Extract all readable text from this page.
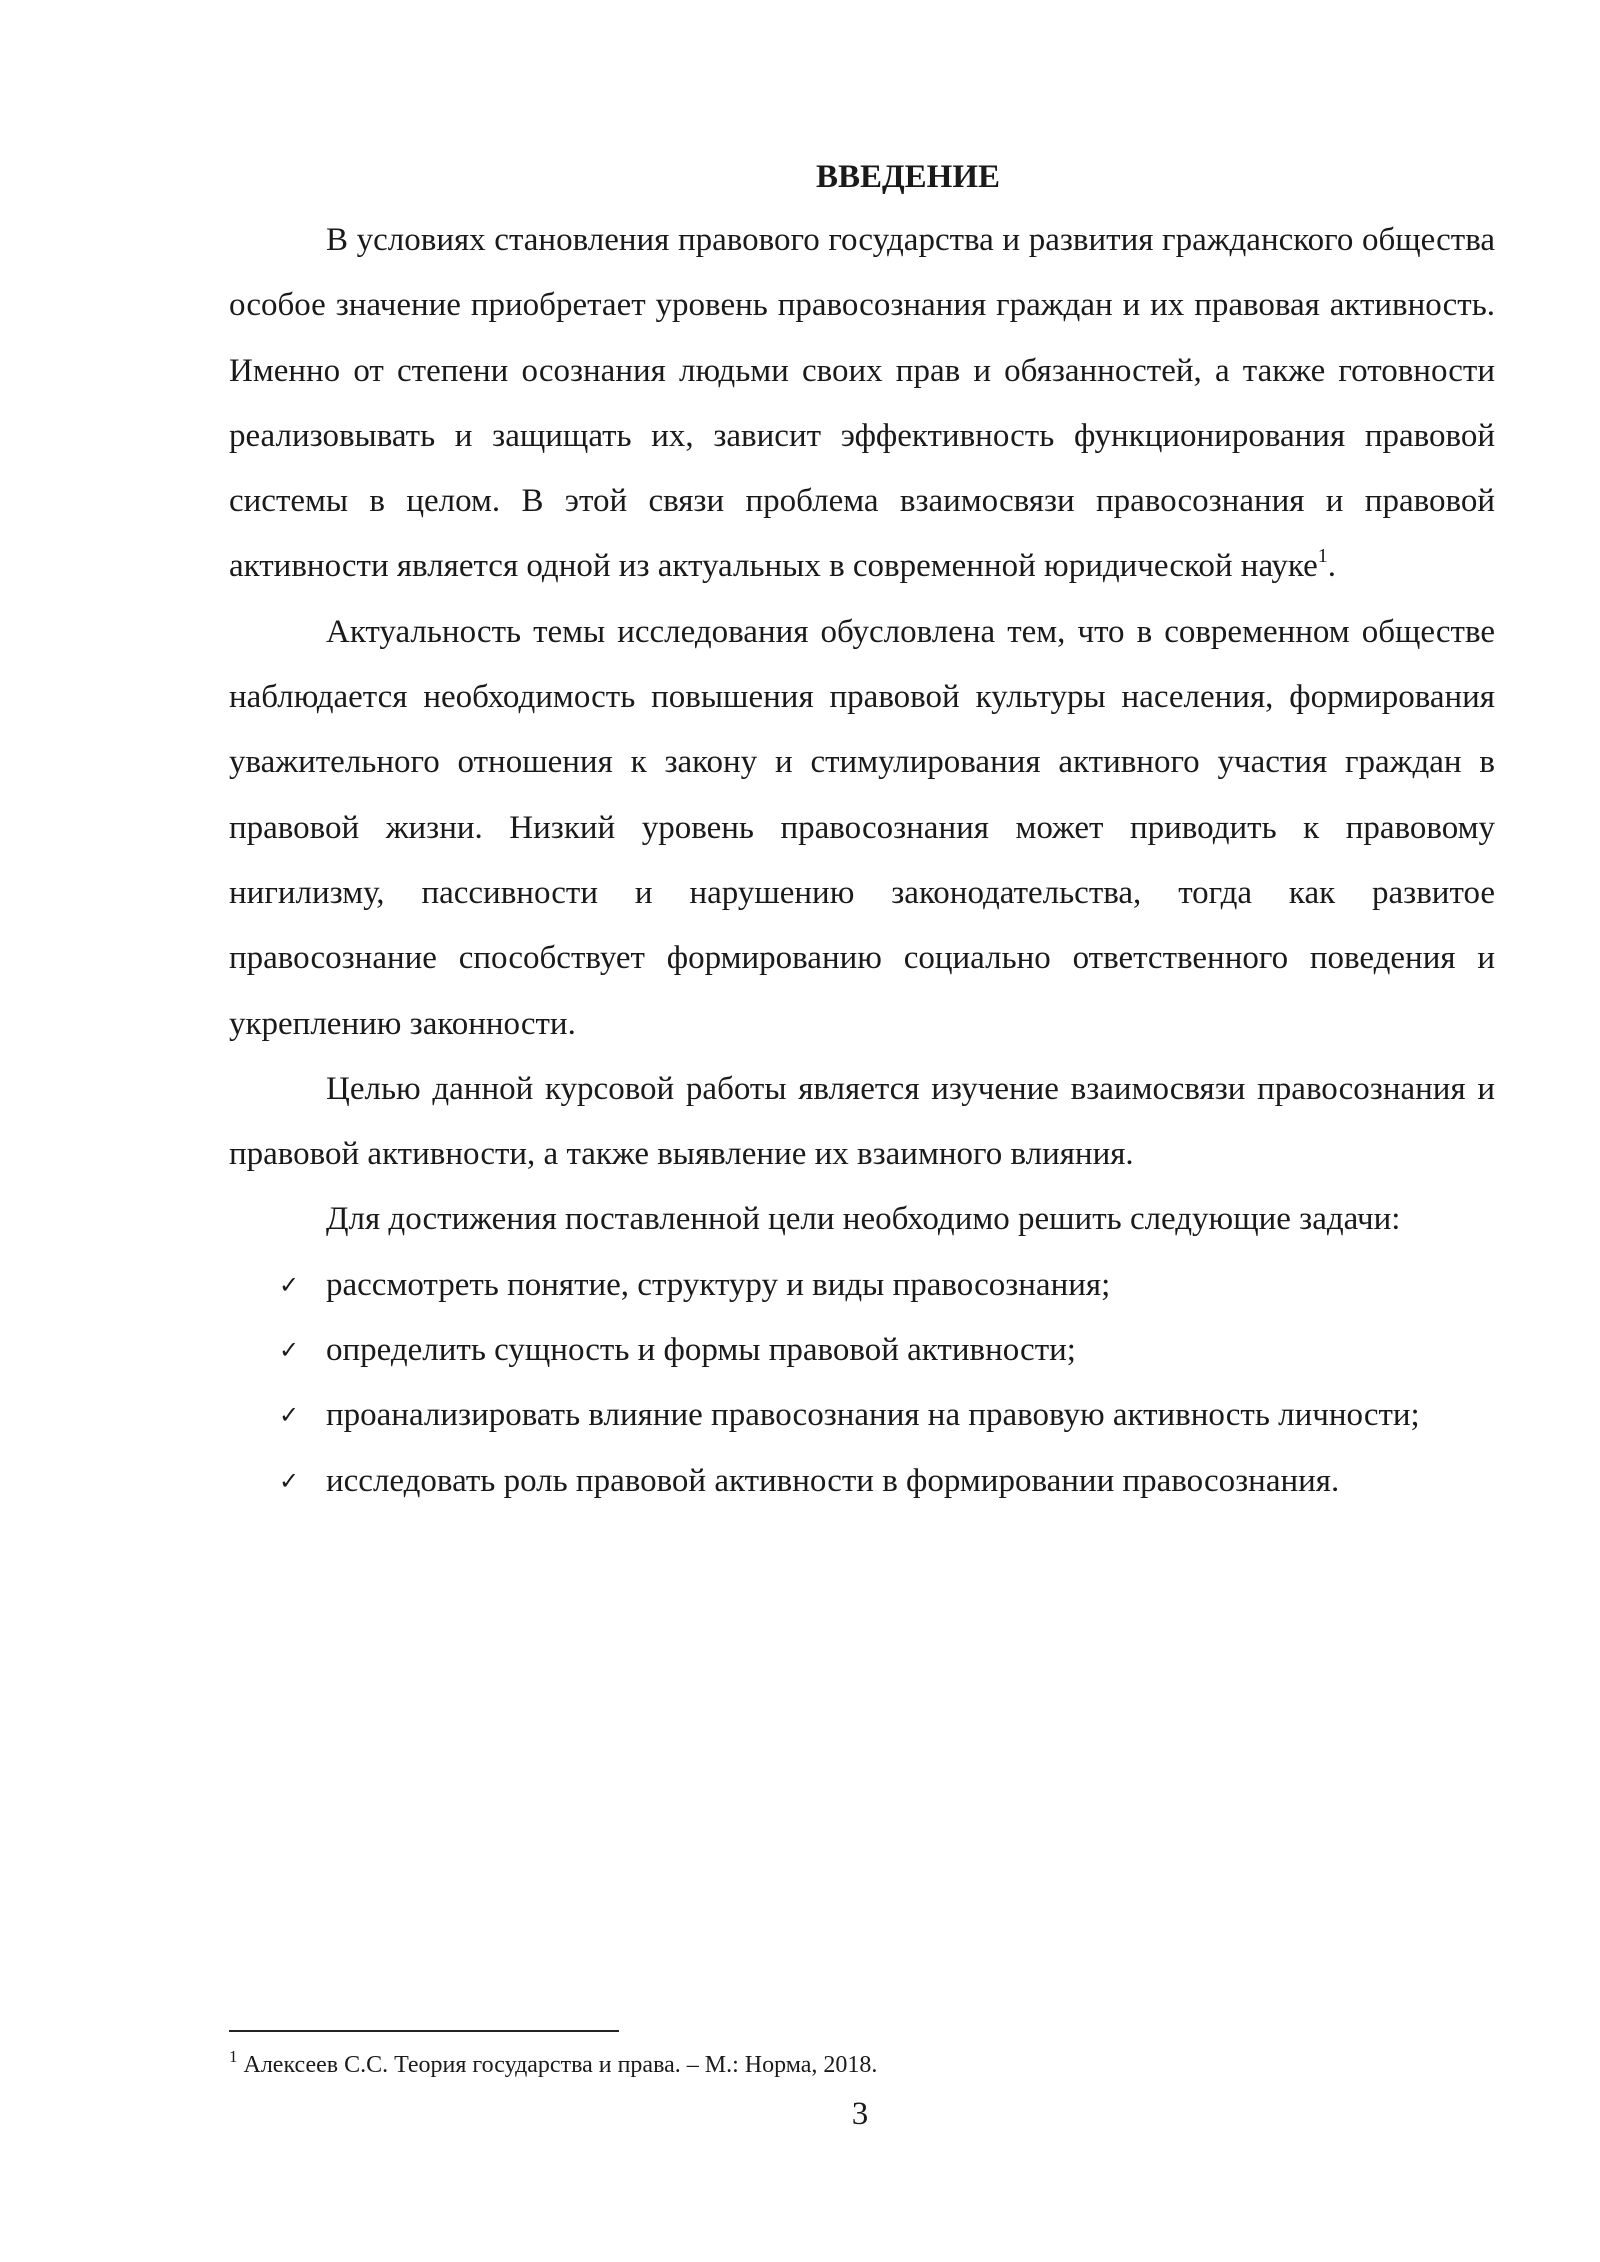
ВВЕДЕНИЕ

В условиях становления правового государства и развития гражданского общества особое значение приобретает уровень правосознания граждан и их правовая активность. Именно от степени осознания людьми своих прав и обязанностей, а также готовности реализовывать и защищать их, зависит эффективность функционирования правовой системы в целом. В этой связи проблема взаимосвязи правосознания и правовой активности является одной из актуальных в современной юридической науке$^1$.

Актуальность темы исследования обусловлена тем, что в современном обществе наблюдается необходимость повышения правовой культуры населения, формирования уважительного отношения к закону и стимулирования активного участия граждан в правовой жизни. Низкий уровень правосознания может приводить к правовому нигилизму, пассивности и нарушению законодательства, тогда как развитое правосознание способствует формированию социально ответственного поведения и укреплению законности.

Целью данной курсовой работы является изучение взаимосвязи правосознания и правовой активности, а также выявление их взаимного влияния.

Для достижения поставленной цели необходимо решить следующие задачи:

✓ рассмотреть понятие, структуру и виды правосознания;
✓ определить сущность и формы правовой активности;
✓ проанализировать влияние правосознания на правовую активность личности;
✓ исследовать роль правовой активности в формировании правосознания.
$^1$ Алексеев С.С. Теория государства и права. – М.: Норма, 2018.
3
